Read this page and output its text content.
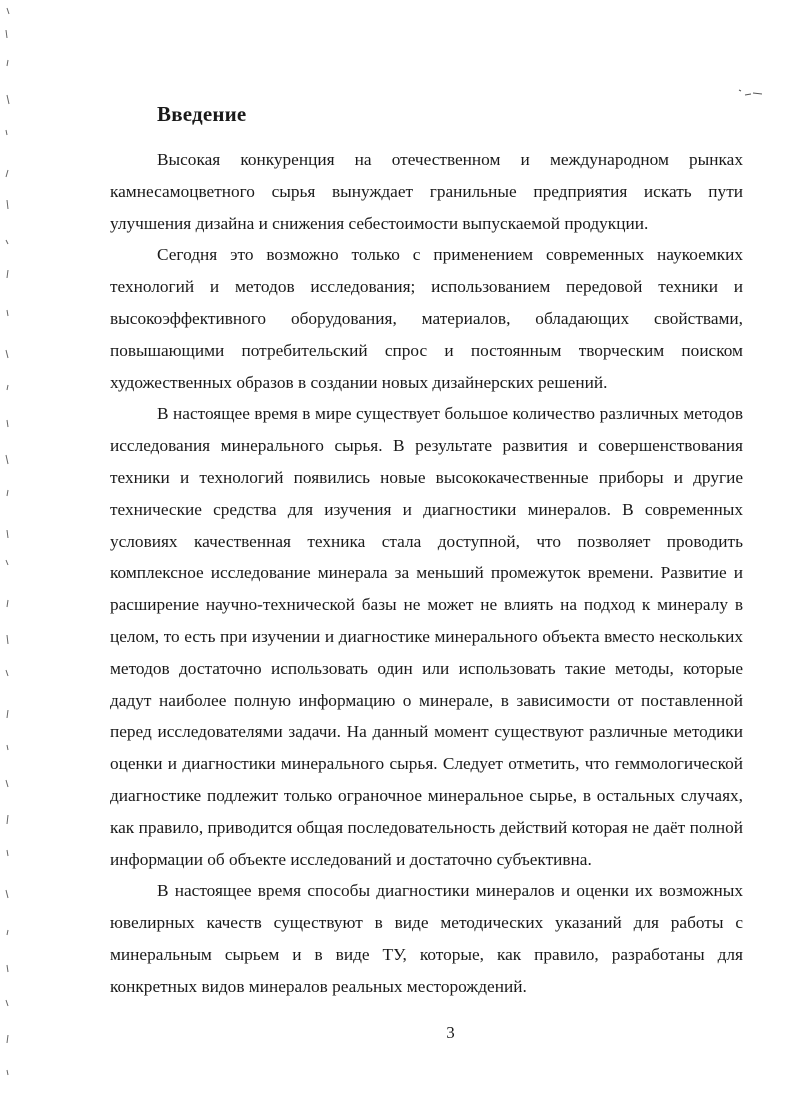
Введение

Высокая конкуренция на отечественном и международном рынках камнесамоцветного сырья вынуждает гранильные предприятия искать пути улучшения дизайна и снижения себестоимости выпускаемой продукции.

Сегодня это возможно только с применением современных наукоемких технологий и методов исследования; использованием передовой техники и высокоэффективного оборудования, материалов, обладающих свойствами, повышающими потребительский спрос и постоянным творческим поиском художественных образов в создании новых дизайнерских решений.

В настоящее время в мире существует большое количество различных методов исследования минерального сырья. В результате развития и совершенствования техники и технологий появились новые высококачественные приборы и другие технические средства для изучения и диагностики минералов. В современных условиях качественная техника стала доступной, что позволяет проводить комплексное исследование минерала за меньший промежуток времени. Развитие и расширение научно-технической базы не может не влиять на подход к минералу в целом, то есть при изучении и диагностике минерального объекта вместо нескольких методов достаточно использовать один или использовать такие методы, которые дадут наиболее полную информацию о минерале, в зависимости от поставленной перед исследователями задачи. На данный момент существуют различные методики оценки и диагностики минерального сырья. Следует отметить, что геммологической диагностике подлежит только ограночное минеральное сырье, в остальных случаях, как правило, приводится общая последовательность действий которая не даёт полной информации об объекте исследований и достаточно субъективна.

В настоящее время способы диагностики минералов и оценки их возможных ювелирных качеств существуют в виде методических указаний для работы с минеральным сырьем и в виде ТУ, которые, как правило, разработаны для конкретных видов минералов реальных месторождений.

3
